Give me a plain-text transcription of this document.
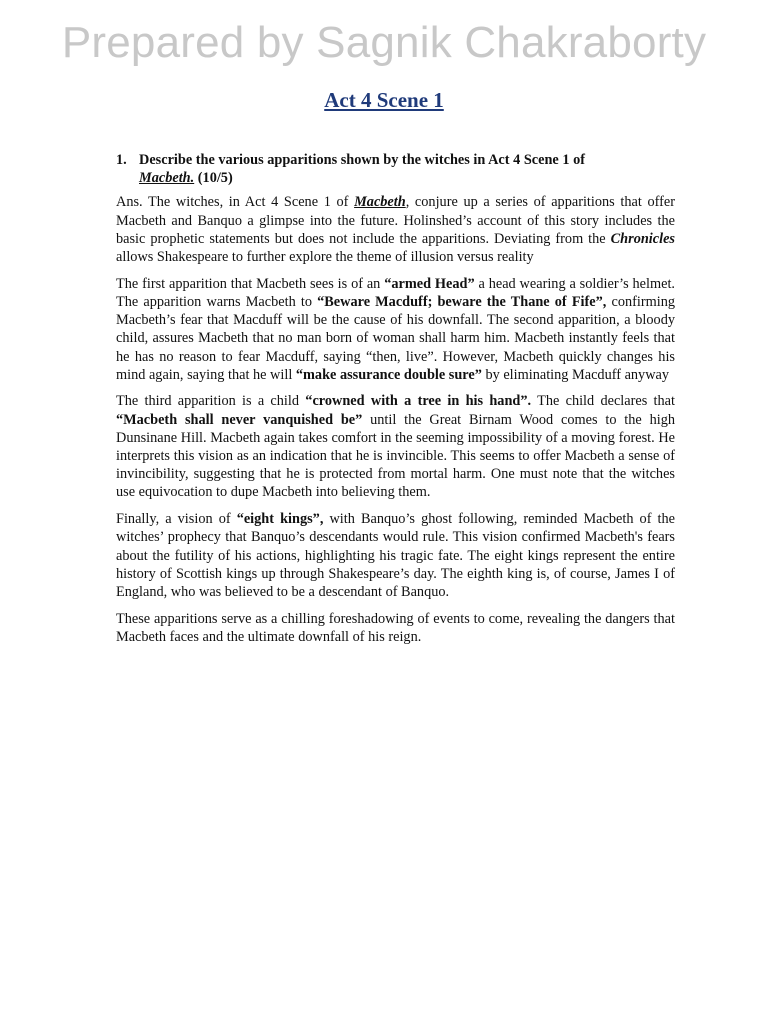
Prepared by Sagnik Chakraborty
Act 4 Scene 1
1. Describe the various apparitions shown by the witches in Act 4 Scene 1 of
Macbeth. (10/5)

Ans. The witches, in Act 4 Scene 1 of Macbeth, conjure up a series of apparitions that offer Macbeth and Banquo a glimpse into the future. Holinshed’s account of this story includes the basic prophetic statements but does not include the apparitions. Deviating from the Chronicles allows Shakespeare to further explore the theme of illusion versus reality

The first apparition that Macbeth sees is of an “armed Head” a head wearing a soldier’s helmet. The apparition warns Macbeth to “Beware Macduff; beware the Thane of Fife”, confirming Macbeth’s fear that Macduff will be the cause of his downfall. The second apparition, a bloody child, assures Macbeth that no man born of woman shall harm him. Macbeth instantly feels that he has no reason to fear Macduff, saying “then, live”. However, Macbeth quickly changes his mind again, saying that he will “make assurance double sure” by eliminating Macduff anyway

The third apparition is a child “crowned with a tree in his hand”. The child declares that “Macbeth shall never vanquished be” until the Great Birnam Wood comes to the high Dunsinane Hill. Macbeth again takes comfort in the seeming impossibility of a moving forest. He interprets this vision as an indication that he is invincible. This seems to offer Macbeth a sense of invincibility, suggesting that he is protected from mortal harm. One must note that the witches use equivocation to dupe Macbeth into believing them.

Finally, a vision of “eight kings”, with Banquo’s ghost following, reminded Macbeth of the witches’ prophecy that Banquo’s descendants would rule. This vision confirmed Macbeth's fears about the futility of his actions, highlighting his tragic fate. The eight kings represent the entire history of Scottish kings up through Shakespeare’s day. The eighth king is, of course, James I of England, who was believed to be a descendant of Banquo.

These apparitions serve as a chilling foreshadowing of events to come, revealing the dangers that Macbeth faces and the ultimate downfall of his reign.
